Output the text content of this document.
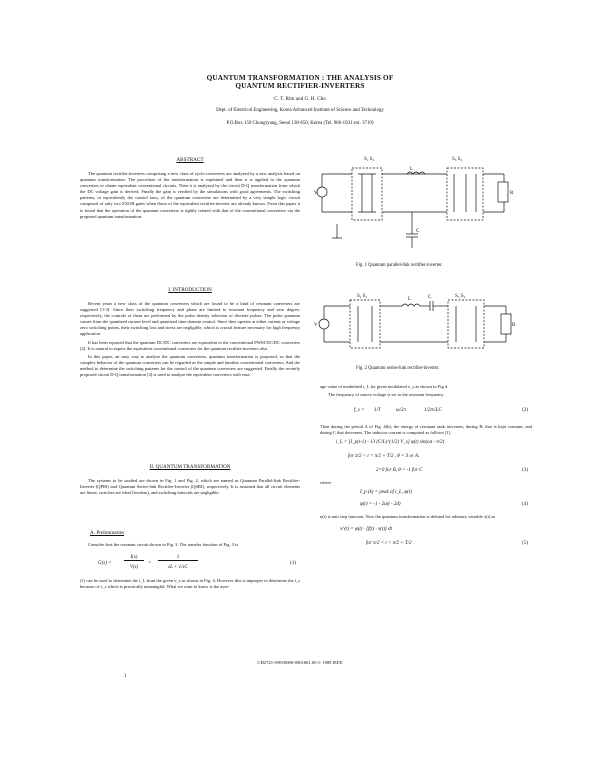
QUANTUM TRANSFORMATION : THE ANALYSIS OF
QUANTUM RECTIFIER-INVERTERS
C. T. Rim and G. H. Cho
Dept. of Electrical Engineering, Korea Advanced Institute of Science and Technology
P.O.Box 150 Chongryang, Seoul 130-650, Korea (Tel. 966-1931 ext. 3719)
ABSTRACT

The quantum rectifier-inverters comprising a new class of cyclo-converters are analyzed by a new analysis based on quantum transformation. The procedure of the transformation is explained and then it is applied to the quantum converters to obtain equivalent conventional circuits. Then it is analyzed by the circuit D-Q transformation from which the DC voltage gain is derived. Finally the gain is verified by the simulations with good agreements. The switching patterns, or equivalently the control laws, of the quantum converters are determined by a very simple logic circuit composed of only two EXOR gates when those of the equivalent rectifier-inverter are already known. From this paper it is found that the operation of the quantum converters is tightly related with that of the conventional converters via the proposed quantum transformation.

I. INTRODUCTION

Recent years a new class of the quantum converters which are found to be a kind of resonant converters are suggested [1-3]. Since their switching frequency and phase are limited to resonant frequency and zero degree, respectively, the controls of them are performed by the pulse density selection of discrete pulses. The pulse quantum comes from the quantized current level and quantized time domain control. Since they operate at either current or voltage zero switching points, their switching loss and stress are negligible, which is crucial feature necessary for high frequency application.

It has been reported that the quantum DC/DC converters are equivalent to the conventional PWM DC/DC converters [2]. It is natural to expect the equivalent conventional converters for the quantum rectifier-inverters also.

In this paper, an easy way to analyze the quantum converters, quantum transformation is proposed, so that the complex behavior of the quantum converters can be regarded as the simple and familiar conventional converters. And the method to determine the switching patterns for the control of the quantum converters are suggested. Finally the recently proposed circuit D-Q transformation [4] is used to analyze the equivalent converters with ease.

II. QUANTUM TRANSFORMATION

The systems to be studied are shown in Fig. 1 and Fig. 2, which are named as Quantum Parallel-link Rectifier-Inverter (QPRI) and Quantum Series-link Rectifier-Inverter (QSRI), respectively. It is assumed that all circuit elements are linear, switches are ideal (lossless), and switching intervals are negligible.

A. Preliminaries

Consider first the resonant circuit shown in Fig. 3. The transfer function of Fig. 3 is

G(s) =
I(s)
V(s)
=
1
sL + 1/sC
(1)

(1) can be used to determine the i_L from the given v_s as shown in Fig. 4. However this is improper to determine the i_s because of v_s which is practically meaningful. What we want to know is the aver-

S₁ S₂	S₃ S₄
L
C
R
V
Fig. 1 Quantum parallel-link rectifier-inverter.
S₁ S₂	S₃ S₄
L	C
R
V
Fig. 2 Quantum series-link rectifier-inverter.

age value of modulated i_L for given modulated v_s as shown in Fig.4.

The frequency of source voltage is set to the resonant frequency.

f_s = 1/T	ω/2π	1/2π√LC	(2)

Then during the period A of Fig. 4(b), the energy of resonant tank increases, during B, that is kept constant, and during C that decreases. The inductor current is computed as follows [1].

i_L = [I_p(t-1) - 13 (C/L)^(1/2) V_s] φ(t) sin(ωt - π/2)
for π/2 < t < π/2 + T/2 , θ = 3 or A.
2=0 for B, θ = -1 for C	(3)

where

I_p (k) = peak of i_L, φ(t)
φ(t) = -1 - 2u(t - 2d)	(4)

u(t) is unit step function. Now the quantum transformation is defined for arbitrary variable x(t) as

x^(t) = φ(t) · [f(t) · x(t)] dt
for π/2 < t < π/2 + T/2	(5)
CH2721-9/89/0000-0001$01.00 © 1989 IEEE
1
